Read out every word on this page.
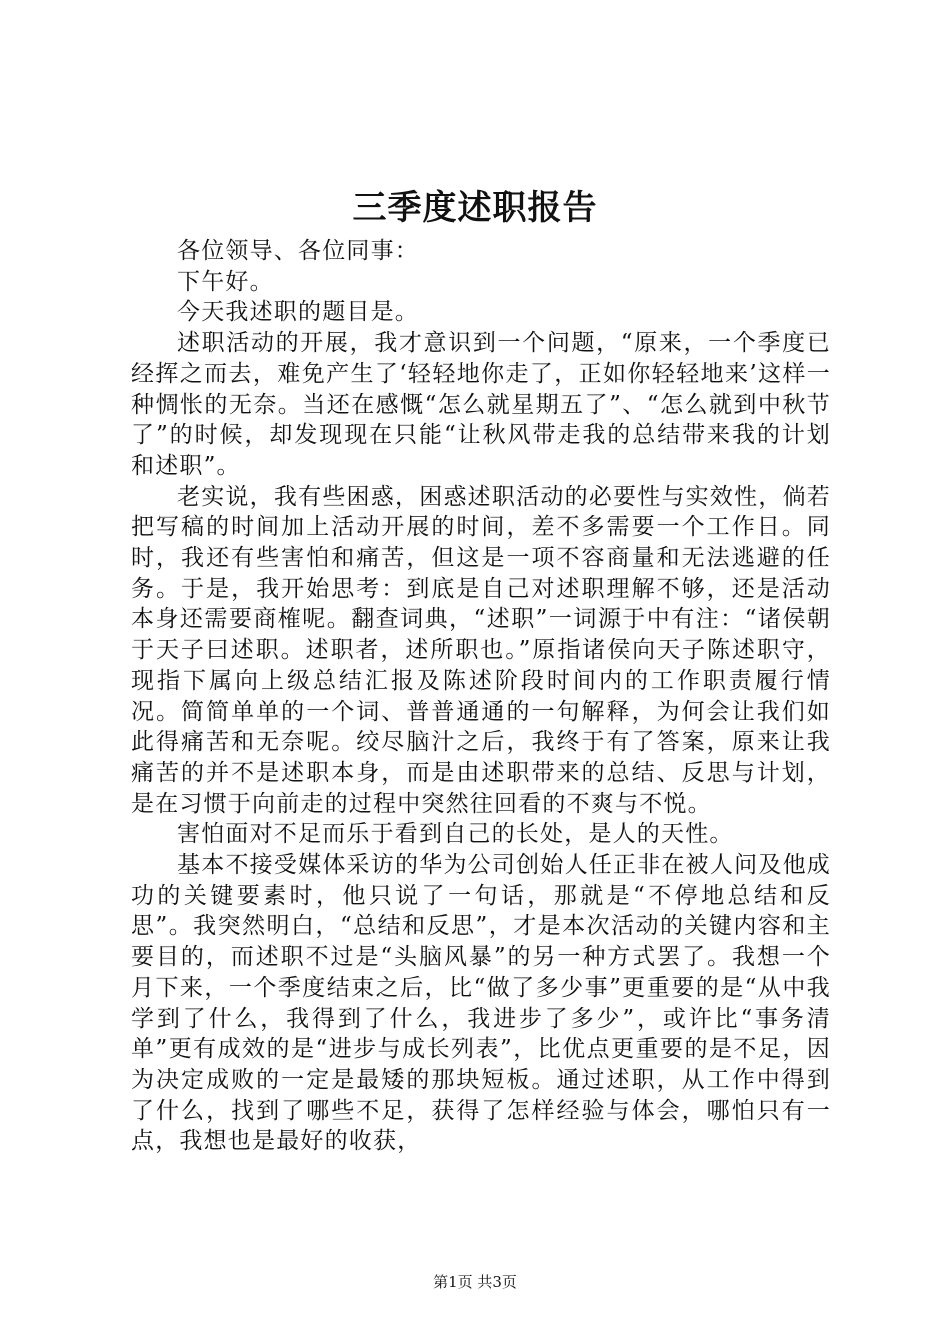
三季度述职报告

各位领导、各位同事：

下午好。

今天我述职的题目是。

述职活动的开展，我才意识到一个问题，“原来，一个季度已经挥之而去，难免产生了‘轻轻地你走了，正如你轻轻地来’这样一种惆怅的无奈。当还在感慨“怎么就星期五了”、“怎么就到中秋节了”的时候，却发现现在只能“让秋风带走我的总结带来我的计划和述职”。

老实说，我有些困惑，困惑述职活动的必要性与实效性，倘若把写稿的时间加上活动开展的时间，差不多需要一个工作日。同时，我还有些害怕和痛苦，但这是一项不容商量和无法逃避的任务。于是，我开始思考：到底是自己对述职理解不够，还是活动本身还需要商榷呢。翻查词典，“述职”一词源于中有注：“诸侯朝于天子曰述职。述职者，述所职也。”原指诸侯向天子陈述职守，现指下属向上级总结汇报及陈述阶段时间内的工作职责履行情况。简简单单的一个词、普普通通的一句解释，为何会让我们如此得痛苦和无奈呢。绞尽脑汁之后，我终于有了答案，原来让我痛苦的并不是述职本身，而是由述职带来的总结、反思与计划，是在习惯于向前走的过程中突然往回看的不爽与不悦。

害怕面对不足而乐于看到自己的长处，是人的天性。

基本不接受媒体采访的华为公司创始人任正非在被人问及他成功的关键要素时，他只说了一句话，那就是“不停地总结和反思”。我突然明白，“总结和反思”，才是本次活动的关键内容和主要目的，而述职不过是“头脑风暴”的另一种方式罢了。我想一个月下来，一个季度结束之后，比“做了多少事”更重要的是“从中我学到了什么，我得到了什么，我进步了多少”，或许比“事务清单”更有成效的是“进步与成长列表”，比优点更重要的是不足，因为决定成败的一定是最矮的那块短板。通过述职，从工作中得到了什么，找到了哪些不足，获得了怎样经验与体会，哪怕只有一点，我想也是最好的收获，

第1页 共3页
